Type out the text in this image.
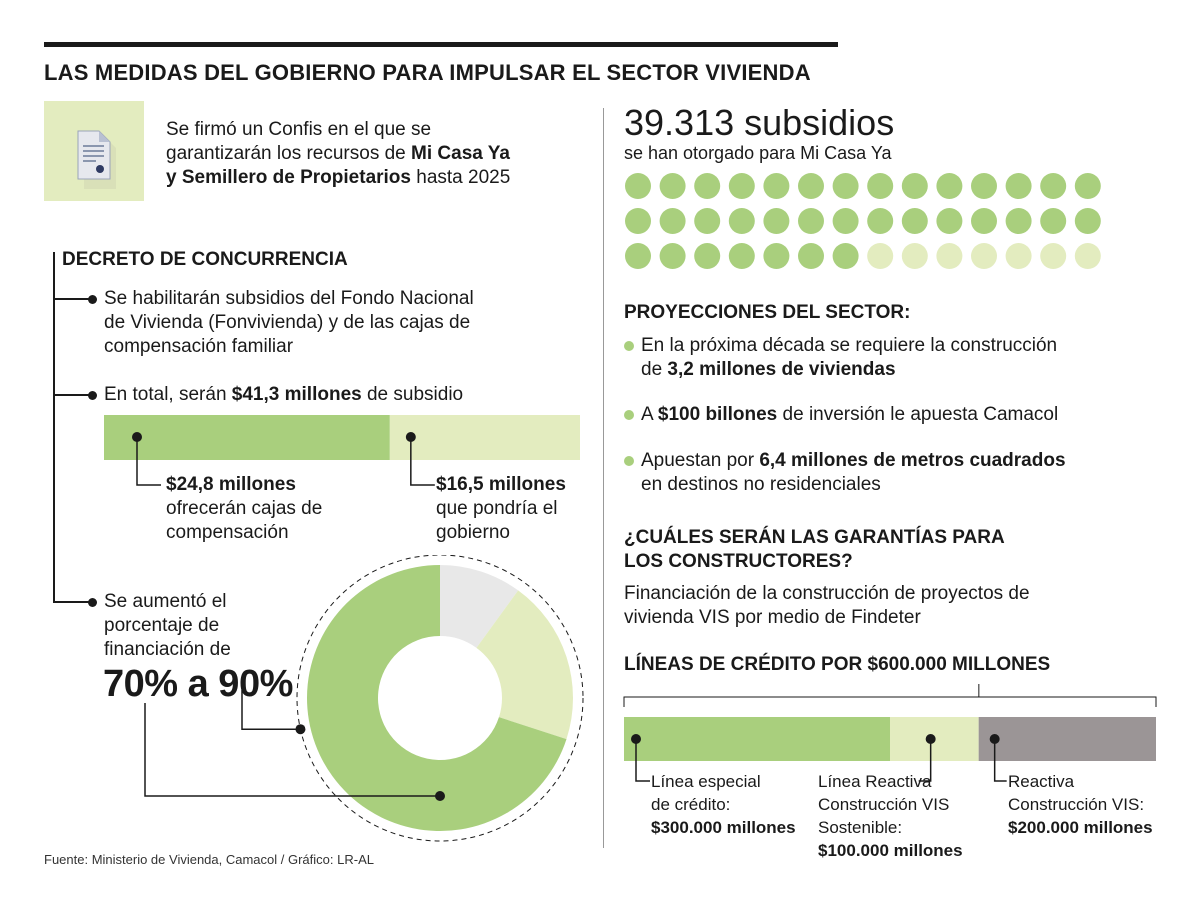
LAS MEDIDAS DEL GOBIERNO PARA IMPULSAR EL SECTOR VIVIENDA
Se firmó un Confis en el que se
garantizarán los recursos de Mi Casa Ya
y Semillero de Propietarios hasta 2025
DECRETO DE CONCURRENCIA
Se habilitarán subsidios del Fondo Nacional
de Vivienda (Fonvivienda) y de las cajas de
compensación familiar
En total, serán $41,3 millones de subsidio
$24,8 millones
ofrecerán cajas de
compensación
$16,5 millones
que pondría el
gobierno
Se aumentó el
porcentaje de
financiación de
70% a 90%
39.313 subsidios
se han otorgado para Mi Casa Ya
PROYECCIONES DEL SECTOR:
En la próxima década se requiere la construcción
de 3,2 millones de viviendas
A $100 billones de inversión le apuesta Camacol
Apuestan por 6,4 millones de metros cuadrados
en destinos no residenciales
¿CUÁLES SERÁN LAS GARANTÍAS PARA
LOS CONSTRUCTORES?
Financiación de la construcción de proyectos de
vivienda VIS por medio de Findeter
LÍNEAS DE CRÉDITO POR $600.000 MILLONES
Línea especial
de crédito:
$300.000 millones
Línea Reactiva
Construcción VIS
Sostenible:
$100.000 millones
Reactiva
Construcción VIS:
$200.000 millones
Fuente: Ministerio de Vivienda, Camacol / Gráfico: LR-AL
